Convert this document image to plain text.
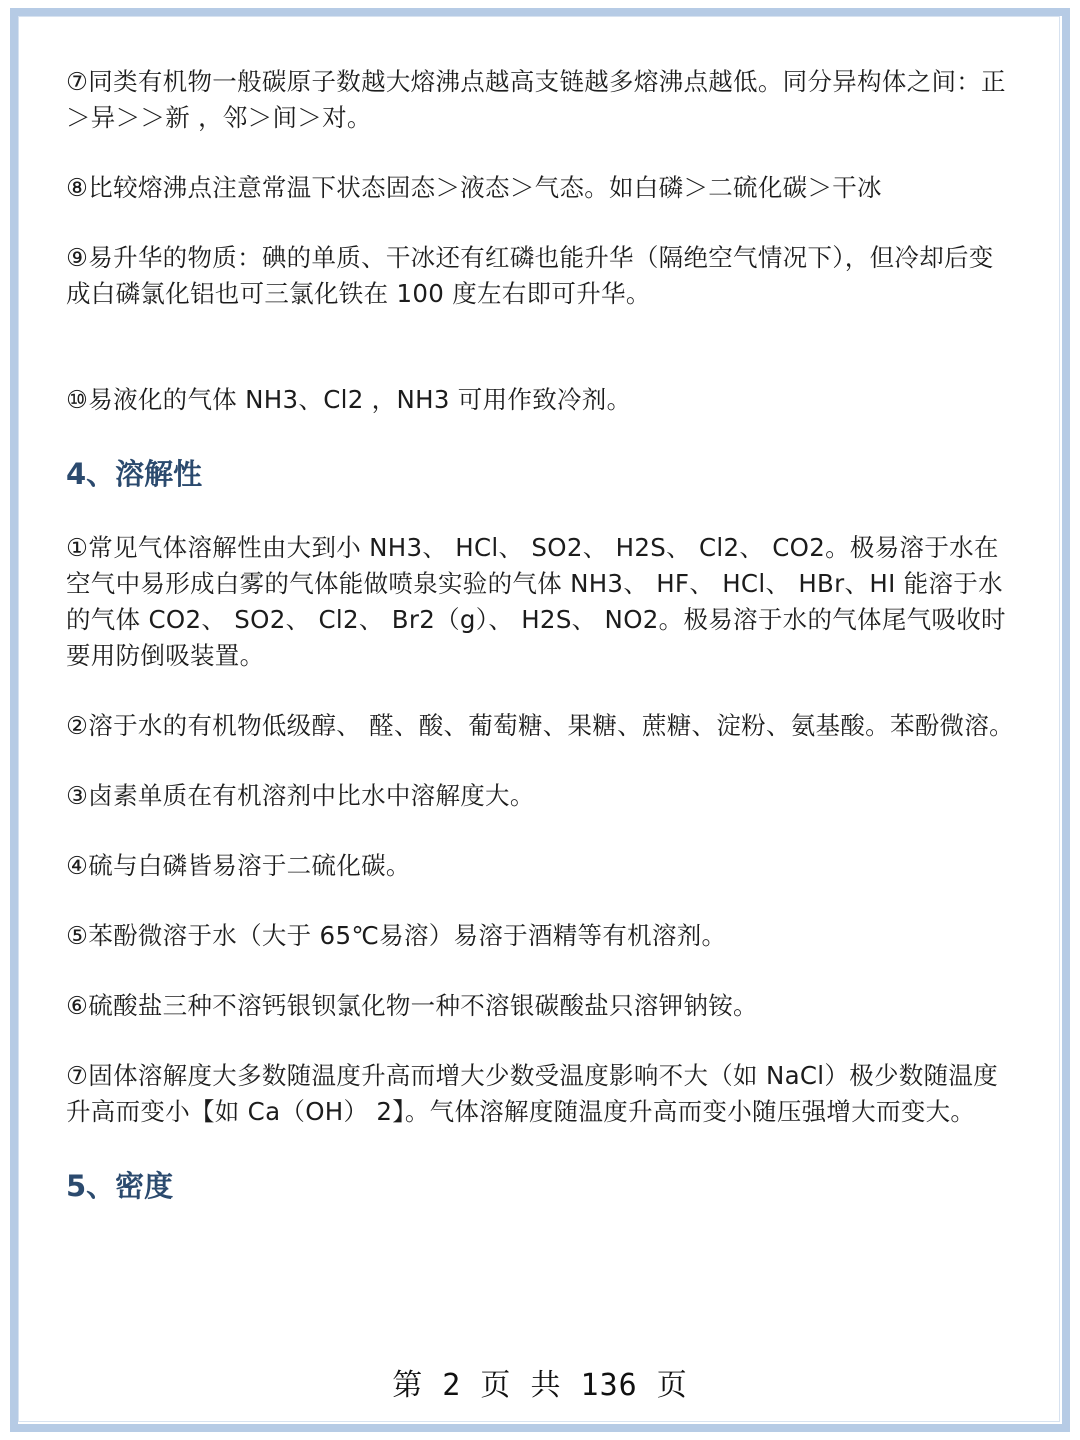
⑦同类有机物一般碳原子数越大熔沸点越高支链越多熔沸点越低。同分异构体之间：正＞异＞＞新 ，邻＞间＞对。

⑧比较熔沸点注意常温下状态固态＞液态＞气态。如白磷＞二硫化碳＞干冰

⑨易升华的物质：碘的单质、干冰还有红磷也能升华（隔绝空气情况下），但冷却后变成白磷氯化铝也可三氯化铁在 100 度左右即可升华。

⑩易液化的气体 NH3、Cl2 ，NH3 可用作致冷剂。

4、溶解性

①常见气体溶解性由大到小 NH3、 HCl、 SO2、 H2S、 Cl2、 CO2。极易溶于水在空气中易形成白雾的气体能做喷泉实验的气体 NH3、 HF、 HCl、 HBr、HI 能溶于水的气体 CO2、 SO2、 Cl2、 Br2（g）、 H2S、 NO2。极易溶于水的气体尾气吸收时要用防倒吸装置。

②溶于水的有机物低级醇、 醛、酸、葡萄糖、果糖、蔗糖、淀粉、氨基酸。苯酚微溶。

③卤素单质在有机溶剂中比水中溶解度大。

④硫与白磷皆易溶于二硫化碳。

⑤苯酚微溶于水（大于 65℃易溶）易溶于酒精等有机溶剂。

⑥硫酸盐三种不溶钙银钡氯化物一种不溶银碳酸盐只溶钾钠铵。

⑦固体溶解度大多数随温度升高而增大少数受温度影响不大（如 NaCl）极少数随温度升高而变小【如 Ca（OH） 2】。气体溶解度随温度升高而变小随压强增大而变大。

5、密度
第 2 页 共 136 页
